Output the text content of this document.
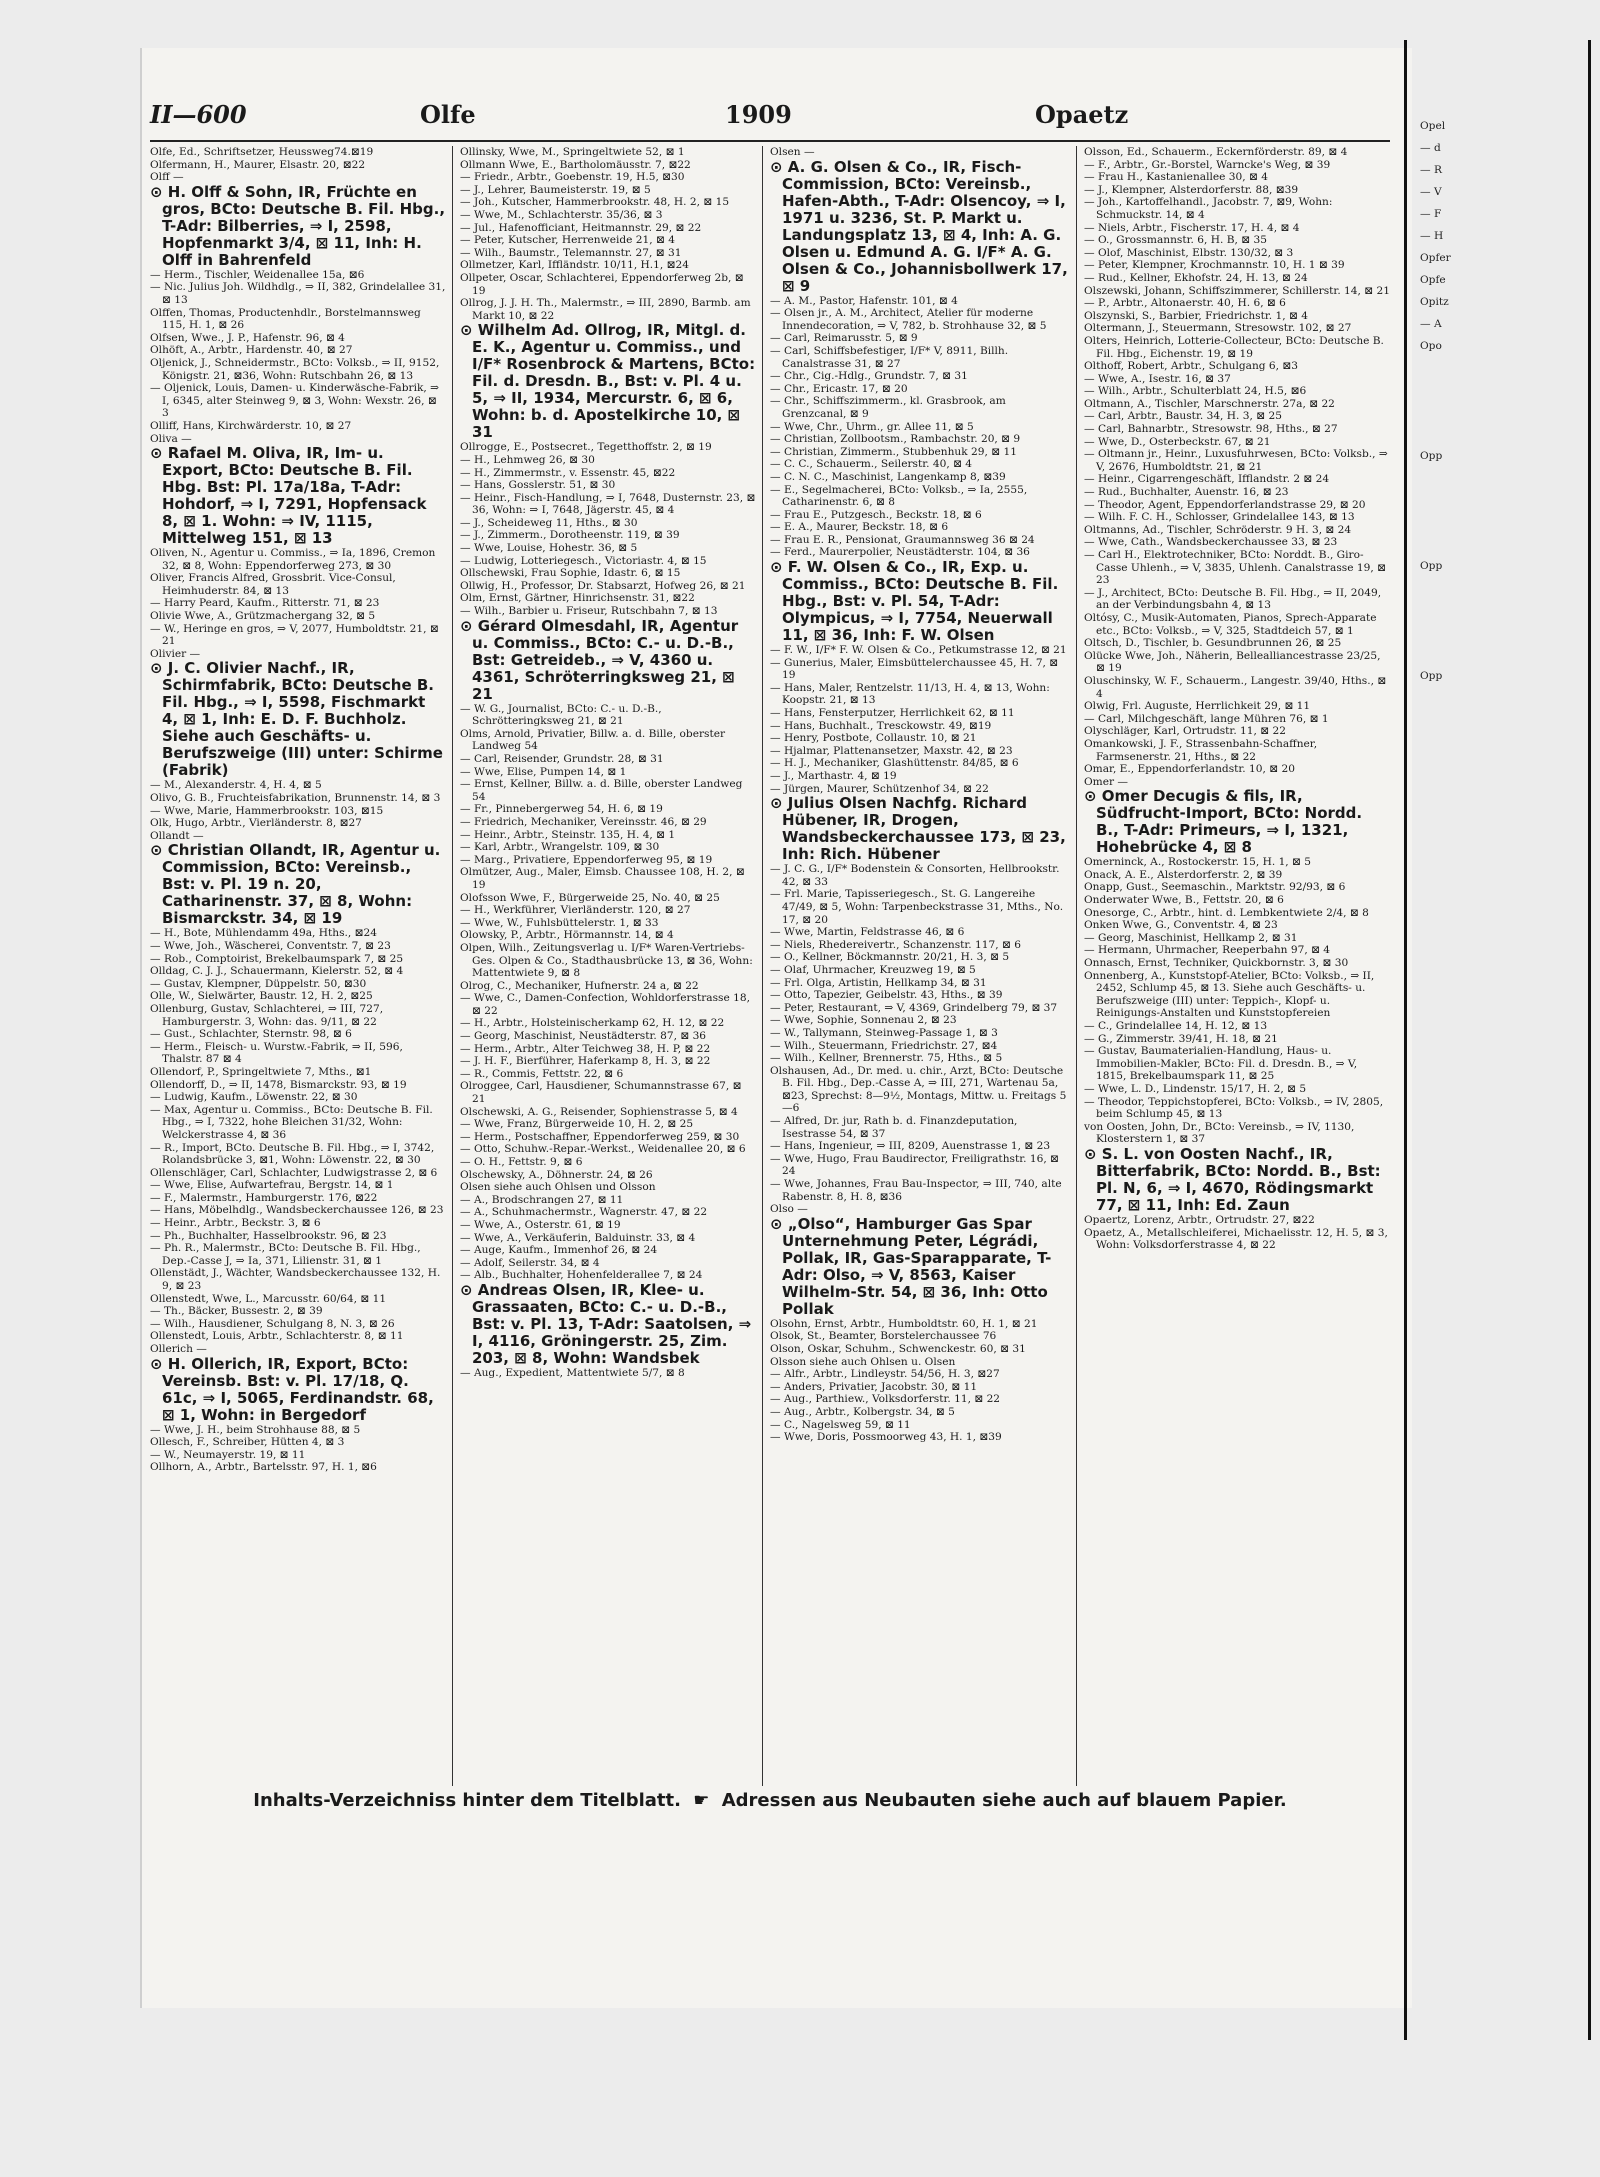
II—600	Olfe	1909	Opaetz

Olfe, Ed., Schriftsetzer, Heussweg74.⊠19

Olfermann, H., Maurer, Elsastr. 20, ⊠22

Olff —

⊙ H. Olff & Sohn, IR, Früchte en gros, BCto: Deutsche B. Fil. Hbg., T-Adr: Bilberries, ⇒ I, 2598, Hopfenmarkt 3/4, ⊠ 11, Inh: H. Olff in Bahrenfeld

— Herm., Tischler, Weidenallee 15a, ⊠6

— Nic. Julius Joh. Wildhdlg., ⇒ II, 382, Grindelallee 31, ⊠ 13

Olffen, Thomas, Productenhdlr., Borstelmannsweg 115, H. 1, ⊠ 26

Olfsen, Wwe., J. P., Hafenstr. 96, ⊠ 4

Olhöft, A., Arbtr., Hardenstr. 40, ⊠ 27

Oljenick, J., Schneidermstr., BCto: Volksb., ⇒ II, 9152, Königstr. 21, ⊠36, Wohn: Rutschbahn 26, ⊠ 13

— Oljenick, Louis, Damen- u. Kinderwäsche-Fabrik, ⇒ I, 6345, alter Steinweg 9, ⊠ 3, Wohn: Wexstr. 26, ⊠ 3

Olliff, Hans, Kirchwärderstr. 10, ⊠ 27

Oliva —

⊙ Rafael M. Oliva, IR, Im- u. Export, BCto: Deutsche B. Fil. Hbg. Bst: Pl. 17a/18a, T-Adr: Hohdorf, ⇒ I, 7291, Hopfensack 8, ⊠ 1. Wohn: ⇒ IV, 1115, Mittelweg 151, ⊠ 13

Oliven, N., Agentur u. Commiss., ⇒ Ia, 1896, Cremon 32, ⊠ 8, Wohn: Eppendorferweg 273, ⊠ 30

Oliver, Francis Alfred, Grossbrit. Vice-Consul, Heimhuderstr. 84, ⊠ 13

— Harry Peard, Kaufm., Ritterstr. 71, ⊠ 23

Olivie Wwe, A., Grützmachergang 32, ⊠ 5

— W., Heringe en gros, ⇒ V, 2077, Humboldtstr. 21, ⊠ 21

Olivier —

⊙ J. C. Olivier Nachf., IR, Schirmfabrik, BCto: Deutsche B. Fil. Hbg., ⇒ I, 5598, Fischmarkt 4, ⊠ 1, Inh: E. D. F. Buchholz. Siehe auch Geschäfts- u. Berufszweige (III) unter: Schirme (Fabrik)

— M., Alexanderstr. 4, H. 4, ⊠ 5

Olivo, G. B., Fruchteisfabrikation, Brunnenstr. 14, ⊠ 3

— Wwe, Marie, Hammerbrookstr. 103, ⊠15

Olk, Hugo, Arbtr., Vierländerstr. 8, ⊠27

Ollandt —

⊙ Christian Ollandt, IR, Agentur u. Commission, BCto: Vereinsb., Bst: v. Pl. 19 n. 20, Catharinenstr. 37, ⊠ 8, Wohn: Bismarckstr. 34, ⊠ 19

— H., Bote, Mühlendamm 49a, Hths., ⊠24

— Wwe, Joh., Wäscherei, Conventstr. 7, ⊠ 23

— Rob., Comptoirist, Brekelbaumspark 7, ⊠ 25

Olldag, C. J. J., Schauermann, Kielerstr. 52, ⊠ 4

— Gustav, Klempner, Düppelstr. 50, ⊠30

Olle, W., Sielwärter, Baustr. 12, H. 2, ⊠25

Ollenburg, Gustav, Schlachterei, ⇒ III, 727, Hamburgerstr. 3, Wohn: das. 9/11, ⊠ 22

— Gust., Schlachter, Sternstr. 98, ⊠ 6

— Herm., Fleisch- u. Wurstw.-Fabrik, ⇒ II, 596, Thalstr. 87 ⊠ 4

Ollendorf, P., Springeltwiete 7, Mths., ⊠1

Ollendorff, D., ⇒ II, 1478, Bismarckstr. 93, ⊠ 19

— Ludwig, Kaufm., Löwenstr. 22, ⊠ 30

— Max, Agentur u. Commiss., BCto: Deutsche B. Fil. Hbg., ⇒ I, 7322, hohe Bleichen 31/32, Wohn: Welckerstrasse 4, ⊠ 36

— R., Import, BCto. Deutsche B. Fil. Hbg., ⇒ I, 3742, Rolandsbrücke 3, ⊠1, Wohn: Löwenstr. 22, ⊠ 30

Ollenschläger, Carl, Schlachter, Ludwigstrasse 2, ⊠ 6

— Wwe, Elise, Aufwartefrau, Bergstr. 14, ⊠ 1

— F., Malermstr., Hamburgerstr. 176, ⊠22

— Hans, Möbelhdlg., Wandsbeckerchaussee 126, ⊠ 23

— Heinr., Arbtr., Beckstr. 3, ⊠ 6

— Ph., Buchhalter, Hasselbrookstr. 96, ⊠ 23

— Ph. R., Malermstr., BCto: Deutsche B. Fil. Hbg., Dep.-Casse J, ⇒ Ia, 371, Lilienstr. 31, ⊠ 1

Ollenstädt, J., Wächter, Wandsbeckerchaussee 132, H. 9, ⊠ 23

Ollenstedt, Wwe, L., Marcusstr. 60/64, ⊠ 11

— Th., Bäcker, Bussestr. 2, ⊠ 39

— Wilh., Hausdiener, Schulgang 8, N. 3, ⊠ 26

Ollenstedt, Louis, Arbtr., Schlachterstr. 8, ⊠ 11

Ollerich —

⊙ H. Ollerich, IR, Export, BCto: Vereinsb. Bst: v. Pl. 17/18, Q. 61c, ⇒ I, 5065, Ferdinandstr. 68, ⊠ 1, Wohn: in Bergedorf

— Wwe, J. H., beim Strohhause 88, ⊠ 5

Ollesch, F., Schreiber, Hütten 4, ⊠ 3

— W., Neumayerstr. 19, ⊠ 11

Ollhorn, A., Arbtr., Bartelsstr. 97, H. 1, ⊠6

Ollinsky, Wwe, M., Springeltwiete 52, ⊠ 1

Ollmann Wwe, E., Bartholomäusstr. 7, ⊠22

— Friedr., Arbtr., Goebenstr. 19, H.5, ⊠30

— J., Lehrer, Baumeisterstr. 19, ⊠ 5

— Joh., Kutscher, Hammerbrookstr. 48, H. 2, ⊠ 15

— Wwe, M., Schlachterstr. 35/36, ⊠ 3

— Jul., Hafenofficiant, Heitmannstr. 29, ⊠ 22

— Peter, Kutscher, Herrenweide 21, ⊠ 4

— Wilh., Baumstr., Telemannstr. 27, ⊠ 31

Ollmetzer, Karl, Iffländstr. 10/11, H.1, ⊠24

Ollpeter, Oscar, Schlachterei, Eppendorferweg 2b, ⊠ 19

Ollrog, J. J. H. Th., Malermstr., ⇒ III, 2890, Barmb. am Markt 10, ⊠ 22

⊙ Wilhelm Ad. Ollrog, IR, Mitgl. d. E. K., Agentur u. Commiss., und I/F* Rosenbrock & Martens, BCto: Fil. d. Dresdn. B., Bst: v. Pl. 4 u. 5, ⇒ II, 1934, Mercurstr. 6, ⊠ 6, Wohn: b. d. Apostelkirche 10, ⊠ 31

Ollrogge, E., Postsecret., Tegetthoffstr. 2, ⊠ 19

— H., Lehmweg 26, ⊠ 30

— H., Zimmermstr., v. Essenstr. 45, ⊠22

— Hans, Gosslerstr. 51, ⊠ 30

— Heinr., Fisch-Handlung, ⇒ I, 7648, Dusternstr. 23, ⊠ 36, Wohn: ⇒ I, 7648, Jägerstr. 45, ⊠ 4

— J., Scheideweg 11, Hths., ⊠ 30

— J., Zimmerm., Dorotheenstr. 119, ⊠ 39

— Wwe, Louise, Hohestr. 36, ⊠ 5

— Ludwig, Lotteriegesch., Victoriastr. 4, ⊠ 15

Ollschewski, Frau Sophie, Idastr. 6, ⊠ 15

Ollwig, H., Professor, Dr. Stabsarzt, Hofweg 26, ⊠ 21

Olm, Ernst, Gärtner, Hinrichsenstr. 31, ⊠22

— Wilh., Barbier u. Friseur, Rutschbahn 7, ⊠ 13

⊙ Gérard Olmesdahl, IR, Agentur u. Commiss., BCto: C.- u. D.-B., Bst: Getreideb., ⇒ V, 4360 u. 4361, Schröterringksweg 21, ⊠ 21

— W. G., Journalist, BCto: C.- u. D.-B., Schrötteringksweg 21, ⊠ 21

Olms, Arnold, Privatier, Billw. a. d. Bille, oberster Landweg 54

— Carl, Reisender, Grundstr. 28, ⊠ 31

— Wwe, Elise, Pumpen 14, ⊠ 1

— Ernst, Kellner, Billw. a. d. Bille, oberster Landweg 54

— Fr., Pinnebergerweg 54, H. 6, ⊠ 19

— Friedrich, Mechaniker, Vereinsstr. 46, ⊠ 29

— Heinr., Arbtr., Steinstr. 135, H. 4, ⊠ 1

— Karl, Arbtr., Wrangelstr. 109, ⊠ 30

— Marg., Privatiere, Eppendorferweg 95, ⊠ 19

Olmützer, Aug., Maler, Eimsb. Chaussee 108, H. 2, ⊠ 19

Olofsson Wwe, F., Bürgerweide 25, No. 40, ⊠ 25

— H., Werkführer, Vierländerstr. 120, ⊠ 27

— Wwe, W., Fuhlsbüttelerstr. 1, ⊠ 33

Olowsky, P., Arbtr., Hörmannstr. 14, ⊠ 4

Olpen, Wilh., Zeitungsverlag u. I/F* Waren-Vertriebs-Ges. Olpen & Co., Stadthausbrücke 13, ⊠ 36, Wohn: Mattentwiete 9, ⊠ 8

Olrog, C., Mechaniker, Hufnerstr. 24 a, ⊠ 22

— Wwe, C., Damen-Confection, Wohldorferstrasse 18, ⊠ 22

— H., Arbtr., Holsteinischerkamp 62, H. 12, ⊠ 22

— Georg, Maschinist, Neustädterstr. 87, ⊠ 36

— Herm., Arbtr., Alter Teichweg 38, H. P, ⊠ 22

— J. H. F., Bierführer, Haferkamp 8, H. 3, ⊠ 22

— R., Commis, Fettstr. 22, ⊠ 6

Olroggee, Carl, Hausdiener, Schumannstrasse 67, ⊠ 21

Olschewski, A. G., Reisender, Sophienstrasse 5, ⊠ 4

— Wwe, Franz, Bürgerweide 10, H. 2, ⊠ 25

— Herm., Postschaffner, Eppendorferweg 259, ⊠ 30

— Otto, Schuhw.-Repar.-Werkst., Weidenallee 20, ⊠ 6

— O. H., Fettstr. 9, ⊠ 6

Olschewsky, A., Döhnerstr. 24, ⊠ 26

Olsen siehe auch Ohlsen und Olsson

— A., Brodschrangen 27, ⊠ 11

— A., Schuhmachermstr., Wagnerstr. 47, ⊠ 22

— Wwe, A., Osterstr. 61, ⊠ 19

— Wwe, A., Verkäuferin, Balduinstr. 33, ⊠ 4

— Auge, Kaufm., Immenhof 26, ⊠ 24

— Adolf, Seilerstr. 34, ⊠ 4

— Alb., Buchhalter, Hohenfelderallee 7, ⊠ 24

⊙ Andreas Olsen, IR, Klee- u. Grassaaten, BCto: C.- u. D.-B., Bst: v. Pl. 13, T-Adr: Saatolsen, ⇒ I, 4116, Gröningerstr. 25, Zim. 203, ⊠ 8, Wohn: Wandsbek

— Aug., Expedient, Mattentwiete 5/7, ⊠ 8

Olsen —

⊙ A. G. Olsen & Co., IR, Fisch-Commission, BCto: Vereinsb., Hafen-Abth., T-Adr: Olsencoy, ⇒ I, 1971 u. 3236, St. P. Markt u. Landungsplatz 13, ⊠ 4, Inh: A. G. Olsen u. Edmund A. G. I/F* A. G. Olsen & Co., Johannisbollwerk 17, ⊠ 9

— A. M., Pastor, Hafenstr. 101, ⊠ 4

— Olsen jr., A. M., Architect, Atelier für moderne Innendecoration, ⇒ V, 782, b. Strohhause 32, ⊠ 5

— Carl, Reimarusstr. 5, ⊠ 9

— Carl, Schiffsbefestiger, I/F* V, 8911, Billh. Canalstrasse 31, ⊠ 27

— Chr., Cig.-Hdlg., Grundstr. 7, ⊠ 31

— Chr., Ericastr. 17, ⊠ 20

— Chr., Schiffszimmerm., kl. Grasbrook, am Grenzcanal, ⊠ 9

— Wwe, Chr., Uhrm., gr. Allee 11, ⊠ 5

— Christian, Zollbootsm., Rambachstr. 20, ⊠ 9

— Christian, Zimmerm., Stubbenhuk 29, ⊠ 11

— C. C., Schauerm., Seilerstr. 40, ⊠ 4

— C. N. C., Maschinist, Langenkamp 8, ⊠39

— E., Segelmacherei, BCto: Volksb., ⇒ Ia, 2555, Catharinenstr. 6, ⊠ 8

— Frau E., Putzgesch., Beckstr. 18, ⊠ 6

— E. A., Maurer, Beckstr. 18, ⊠ 6

— Frau E. R., Pensionat, Graumannsweg 36 ⊠ 24

— Ferd., Maurerpolier, Neustädterstr. 104, ⊠ 36

⊙ F. W. Olsen & Co., IR, Exp. u. Commiss., BCto: Deutsche B. Fil. Hbg., Bst: v. Pl. 54, T-Adr: Olympicus, ⇒ I, 7754, Neuerwall 11, ⊠ 36, Inh: F. W. Olsen

— F. W., I/F* F. W. Olsen & Co., Petkumstrasse 12, ⊠ 21

— Gunerius, Maler, Eimsbüttelerchaussee 45, H. 7, ⊠ 19

— Hans, Maler, Rentzelstr. 11/13, H. 4, ⊠ 13, Wohn: Koopstr. 21, ⊠ 13

— Hans, Fensterputzer, Herrlichkeit 62, ⊠ 11

— Hans, Buchhalt., Tresckowstr. 49, ⊠19

— Henry, Postbote, Collaustr. 10, ⊠ 21

— Hjalmar, Plattenansetzer, Maxstr. 42, ⊠ 23

— H. J., Mechaniker, Glashüttenstr. 84/85, ⊠ 6

— J., Marthastr. 4, ⊠ 19

— Jürgen, Maurer, Schützenhof 34, ⊠ 22

⊙ Julius Olsen Nachfg. Richard Hübener, IR, Drogen, Wandsbeckerchaussee 173, ⊠ 23, Inh: Rich. Hübener

— J. C. G., I/F* Bodenstein & Consorten, Hellbrookstr. 42, ⊠ 33

— Frl. Marie, Tapisseriegesch., St. G. Langereihe 47/49, ⊠ 5, Wohn: Tarpenbeckstrasse 31, Mths., No. 17, ⊠ 20

— Wwe, Martin, Feldstrasse 46, ⊠ 6

— Niels, Rhedereivertr., Schanzenstr. 117, ⊠ 6

— O., Kellner, Böckmannstr. 20/21, H. 3, ⊠ 5

— Olaf, Uhrmacher, Kreuzweg 19, ⊠ 5

— Frl. Olga, Artistin, Hellkamp 34, ⊠ 31

— Otto, Tapezier, Geibelstr. 43, Hths., ⊠ 39

— Peter, Restaurant, ⇒ V, 4369, Grindelberg 79, ⊠ 37

— Wwe, Sophie, Sonnenau 2, ⊠ 23

— W., Tallymann, Steinweg-Passage 1, ⊠ 3

— Wilh., Steuermann, Friedrichstr. 27, ⊠4

— Wilh., Kellner, Brennerstr. 75, Hths., ⊠ 5

Olshausen, Ad., Dr. med. u. chir., Arzt, BCto: Deutsche B. Fil. Hbg., Dep.-Casse A, ⇒ III, 271, Wartenau 5a, ⊠23, Sprechst: 8—9½, Montags, Mittw. u. Freitags 5—6

— Alfred, Dr. jur, Rath b. d. Finanzdeputation, Isestrasse 54, ⊠ 37

— Hans, Ingenieur, ⇒ III, 8209, Auenstrasse 1, ⊠ 23

— Wwe, Hugo, Frau Baudirector, Freiligrathstr. 16, ⊠ 24

— Wwe, Johannes, Frau Bau-Inspector, ⇒ III, 740, alte Rabenstr. 8, H. 8, ⊠36

Olso —

⊙ „Olso“, Hamburger Gas Spar Unternehmung Peter, Légrádi, Pollak, IR, Gas-Sparapparate, T-Adr: Olso, ⇒ V, 8563, Kaiser Wilhelm-Str. 54, ⊠ 36, Inh: Otto Pollak

Olsohn, Ernst, Arbtr., Humboldtstr. 60, H. 1, ⊠ 21

Olsok, St., Beamter, Borstelerchaussee 76

Olson, Oskar, Schuhm., Schwenckestr. 60, ⊠ 31

Olsson siehe auch Ohlsen u. Olsen

— Alfr., Arbtr., Lindleystr. 54/56, H. 3, ⊠27

— Anders, Privatier, Jacobstr. 30, ⊠ 11

— Aug., Parthiew., Volksdorferstr. 11, ⊠ 22

— Aug., Arbtr., Kolbergstr. 34, ⊠ 5

— C., Nagelsweg 59, ⊠ 11

— Wwe, Doris, Possmoorweg 43, H. 1, ⊠39

Olsson, Ed., Schauerm., Eckernförderstr. 89, ⊠ 4

— F., Arbtr., Gr.-Borstel, Warncke's Weg, ⊠ 39

— Frau H., Kastanienallee 30, ⊠ 4

— J., Klempner, Alsterdorferstr. 88, ⊠39

— Joh., Kartoffelhandl., Jacobstr. 7, ⊠9, Wohn: Schmuckstr. 14, ⊠ 4

— Niels, Arbtr., Fischerstr. 17, H. 4, ⊠ 4

— O., Grossmannstr. 6, H. B, ⊠ 35

— Olof, Maschinist, Elbstr. 130/32, ⊠ 3

— Peter, Klempner, Krochmannstr. 10, H. 1 ⊠ 39

— Rud., Kellner, Ekhofstr. 24, H. 13, ⊠ 24

Olszewski, Johann, Schiffszimmerer, Schillerstr. 14, ⊠ 21

— P., Arbtr., Altonaerstr. 40, H. 6, ⊠ 6

Olszynski, S., Barbier, Friedrichstr. 1, ⊠ 4

Oltermann, J., Steuermann, Stresowstr. 102, ⊠ 27

Olters, Heinrich, Lotterie-Collecteur, BCto: Deutsche B. Fil. Hbg., Eichenstr. 19, ⊠ 19

Olthoff, Robert, Arbtr., Schulgang 6, ⊠3

— Wwe, A., Isestr. 16, ⊠ 37

— Wilh., Arbtr., Schulterblatt 24, H.5, ⊠6

Oltmann, A., Tischler, Marschnerstr. 27a, ⊠ 22

— Carl, Arbtr., Baustr. 34, H. 3, ⊠ 25

— Carl, Bahnarbtr., Stresowstr. 98, Hths., ⊠ 27

— Wwe, D., Osterbeckstr. 67, ⊠ 21

— Oltmann jr., Heinr., Luxusfuhrwesen, BCto: Volksb., ⇒ V, 2676, Humboldtstr. 21, ⊠ 21

— Heinr., Cigarrengeschäft, Ifflandstr. 2 ⊠ 24

— Rud., Buchhalter, Auenstr. 16, ⊠ 23

— Theodor, Agent, Eppendorferlandstrasse 29, ⊠ 20

— Wilh. F. C. H., Schlosser, Grindelallee 143, ⊠ 13

Oltmanns, Ad., Tischler, Schröderstr. 9 H. 3, ⊠ 24

— Wwe, Cath., Wandsbeckerchaussee 33, ⊠ 23

— Carl H., Elektrotechniker, BCto: Norddt. B., Giro-Casse Uhlenh., ⇒ V, 3835, Uhlenh. Canalstrasse 19, ⊠ 23

— J., Architect, BCto: Deutsche B. Fil. Hbg., ⇒ II, 2049, an der Verbindungsbahn 4, ⊠ 13

Oltósy, C., Musik-Automaten, Pianos, Sprech-Apparate etc., BCto: Volksb., ⇒ V, 325, Stadtdeich 57, ⊠ 1

Oltsch, D., Tischler, b. Gesundbrunnen 26, ⊠ 25

Olücke Wwe, Joh., Näherin, Bellealliancestrasse 23/25, ⊠ 19

Oluschinsky, W. F., Schauerm., Langestr. 39/40, Hths., ⊠ 4

Olwig, Frl. Auguste, Herrlichkeit 29, ⊠ 11

— Carl, Milchgeschäft, lange Mühren 76, ⊠ 1

Olyschläger, Karl, Ortrudstr. 11, ⊠ 22

Omankowski, J. F., Strassenbahn-Schaffner, Farmsenerstr. 21, Hths., ⊠ 22

Omar, E., Eppendorferlandstr. 10, ⊠ 20

Omer —

⊙ Omer Decugis & fils, IR, Südfrucht-Import, BCto: Nordd. B., T-Adr: Primeurs, ⇒ I, 1321, Hohebrücke 4, ⊠ 8

Omerninck, A., Rostockerstr. 15, H. 1, ⊠ 5

Onack, A. E., Alsterdorferstr. 2, ⊠ 39

Onapp, Gust., Seemaschin., Marktstr. 92/93, ⊠ 6

Onderwater Wwe, B., Fettstr. 20, ⊠ 6

Onesorge, C., Arbtr., hint. d. Lembkentwiete 2/4, ⊠ 8

Onken Wwe, G., Conventstr. 4, ⊠ 23

— Georg, Maschinist, Hellkamp 2, ⊠ 31

— Hermann, Uhrmacher, Reeperbahn 97, ⊠ 4

Onnasch, Ernst, Techniker, Quickbornstr. 3, ⊠ 30

Onnenberg, A., Kunststopf-Atelier, BCto: Volksb., ⇒ II, 2452, Schlump 45, ⊠ 13. Siehe auch Geschäfts- u. Berufszweige (III) unter: Teppich-, Klopf- u. Reinigungs-Anstalten und Kunststopfereien

— C., Grindelallee 14, H. 12, ⊠ 13

— G., Zimmerstr. 39/41, H. 18, ⊠ 21

— Gustav, Baumaterialien-Handlung, Haus- u. Immobilien-Makler, BCto: Fil. d. Dresdn. B., ⇒ V, 1815, Brekelbaumspark 11, ⊠ 25

— Wwe, L. D., Lindenstr. 15/17, H. 2, ⊠ 5

— Theodor, Teppichstopferei, BCto: Volksb., ⇒ IV, 2805, beim Schlump 45, ⊠ 13

von Oosten, John, Dr., BCto: Vereinsb., ⇒ IV, 1130, Klosterstern 1, ⊠ 37

⊙ S. L. von Oosten Nachf., IR, Bitterfabrik, BCto: Nordd. B., Bst: Pl. N, 6, ⇒ I, 4670, Rödingsmarkt 77, ⊠ 11, Inh: Ed. Zaun

Opaertz, Lorenz, Arbtr., Ortrudstr. 27, ⊠22

Opaetz, A., Metallschleiferei, Michaelisstr. 12, H. 5, ⊠ 3, Wohn: Volksdorferstrasse 4, ⊠ 22

Inhalts-Verzeichniss hinter dem Titelblatt. ☛ Adressen aus Neubauten siehe auch auf blauem Papier.
Opel
— d
— R
— V
— F
— H
Opfer
Opfe
Opitz
— A
Opo
Opp
Opp
Opp
